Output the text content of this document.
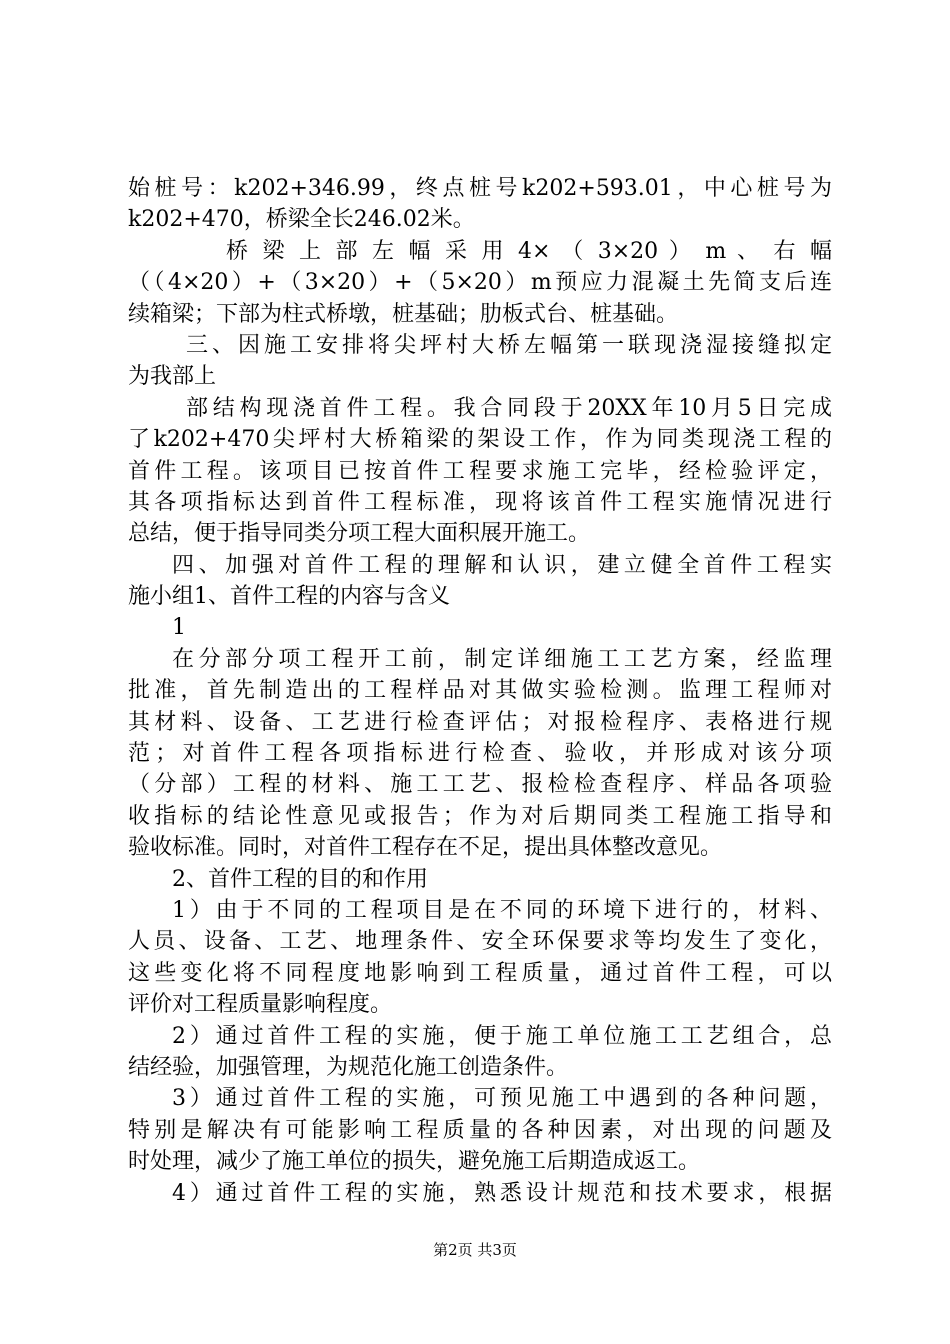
始桩号：k202+346.99，终点桩号k202+593.01，中心桩号为
k202+470，桥梁全长246.02米。
桥 梁 上 部 左 幅 采 用 4× （ 3×20 ） m 、 右 幅
（（4×20）+（3×20）+（5×20）m预应力混凝土先简支后连
续箱梁；下部为柱式桥墩，桩基础；肋板式台、桩基础。
三、因施工安排将尖坪村大桥左幅第一联现浇湿接缝拟定
为我部上
部结构现浇首件工程。我合同段于20XX年10月5日完成
了k202+470尖坪村大桥箱梁的架设工作，作为同类现浇工程的
首件工程。该项目已按首件工程要求施工完毕，经检验评定，
其各项指标达到首件工程标准，现将该首件工程实施情况进行
总结，便于指导同类分项工程大面积展开施工。
四、加强对首件工程的理解和认识，建立健全首件工程实
施小组1、首件工程的内容与含义
1
在分部分项工程开工前，制定详细施工工艺方案，经监理
批准，首先制造出的工程样品对其做实验检测。监理工程师对
其材料、设备、工艺进行检查评估；对报检程序、表格进行规
范；对首件工程各项指标进行检查、验收，并形成对该分项
（分部）工程的材料、施工工艺、报检检查程序、样品各项验
收指标的结论性意见或报告；作为对后期同类工程施工指导和
验收标准。同时，对首件工程存在不足，提出具体整改意见。
2、首件工程的目的和作用
1）由于不同的工程项目是在不同的环境下进行的，材料、
人员、设备、工艺、地理条件、安全环保要求等均发生了变化，
这些变化将不同程度地影响到工程质量，通过首件工程，可以
评价对工程质量影响程度。
2）通过首件工程的实施，便于施工单位施工工艺组合，总
结经验，加强管理，为规范化施工创造条件。
3）通过首件工程的实施，可预见施工中遇到的各种问题，
特别是解决有可能影响工程质量的各种因素，对出现的问题及
时处理，减少了施工单位的损失，避免施工后期造成返工。
4）通过首件工程的实施，熟悉设计规范和技术要求，根据
第2页 共3页
